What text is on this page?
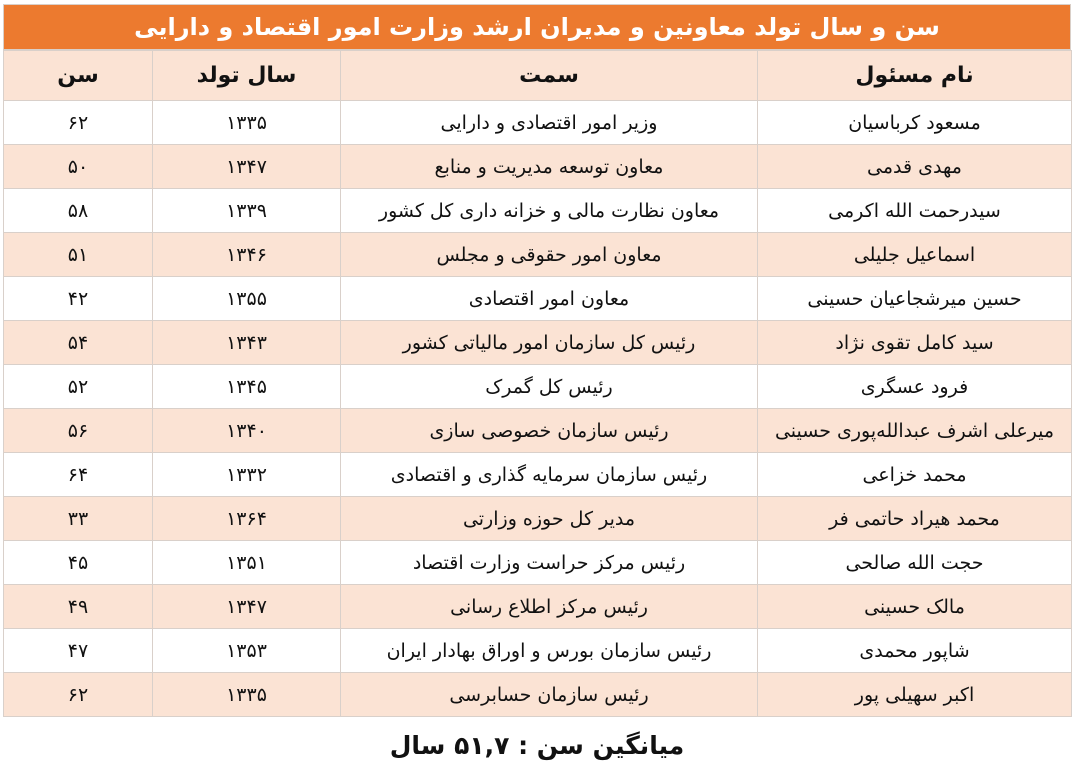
سن و سال تولد معاونین و مدیران ارشد وزارت امور اقتصاد و دارایی
نام مسئول	سمت	سال تولد	سن
مسعود کرباسیان	وزیر امور اقتصادی و دارایی	۱۳۳۵	۶۲
مهدی قدمی	معاون توسعه مدیریت و منابع	۱۳۴۷	۵۰
سیدرحمت الله اکرمی	معاون نظارت مالی و خزانه داری کل کشور	۱۳۳۹	۵۸
اسماعیل جلیلی	معاون امور حقوقی و مجلس	۱۳۴۶	۵۱
حسین میرشجاعیان حسینی	معاون امور اقتصادی	۱۳۵۵	۴۲
سید کامل تقوی نژاد	رئیس کل سازمان امور مالیاتی کشور	۱۳۴۳	۵۴
فرود عسگری	رئیس کل گمرک	۱۳۴۵	۵۲
میرعلی اشرف عبدالله‌پوری حسینی	رئیس سازمان خصوصی سازی	۱۳۴۰	۵۶
محمد خزاعی	رئیس سازمان سرمایه گذاری و اقتصادی	۱۳۳۲	۶۴
محمد هیراد حاتمی فر	مدیر کل حوزه وزارتی	۱۳۶۴	۳۳
حجت الله صالحی	رئیس مرکز حراست وزارت اقتصاد	۱۳۵۱	۴۵
مالک حسینی	رئیس مرکز اطلاع رسانی	۱۳۴۷	۴۹
شاپور محمدی	رئیس سازمان بورس و اوراق بهادار ایران	۱۳۵۳	۴۷
اکبر سهیلی پور	رئیس سازمان حسابرسی	۱۳۳۵	۶۲
میانگین سن : ۵۱,۷ سال
